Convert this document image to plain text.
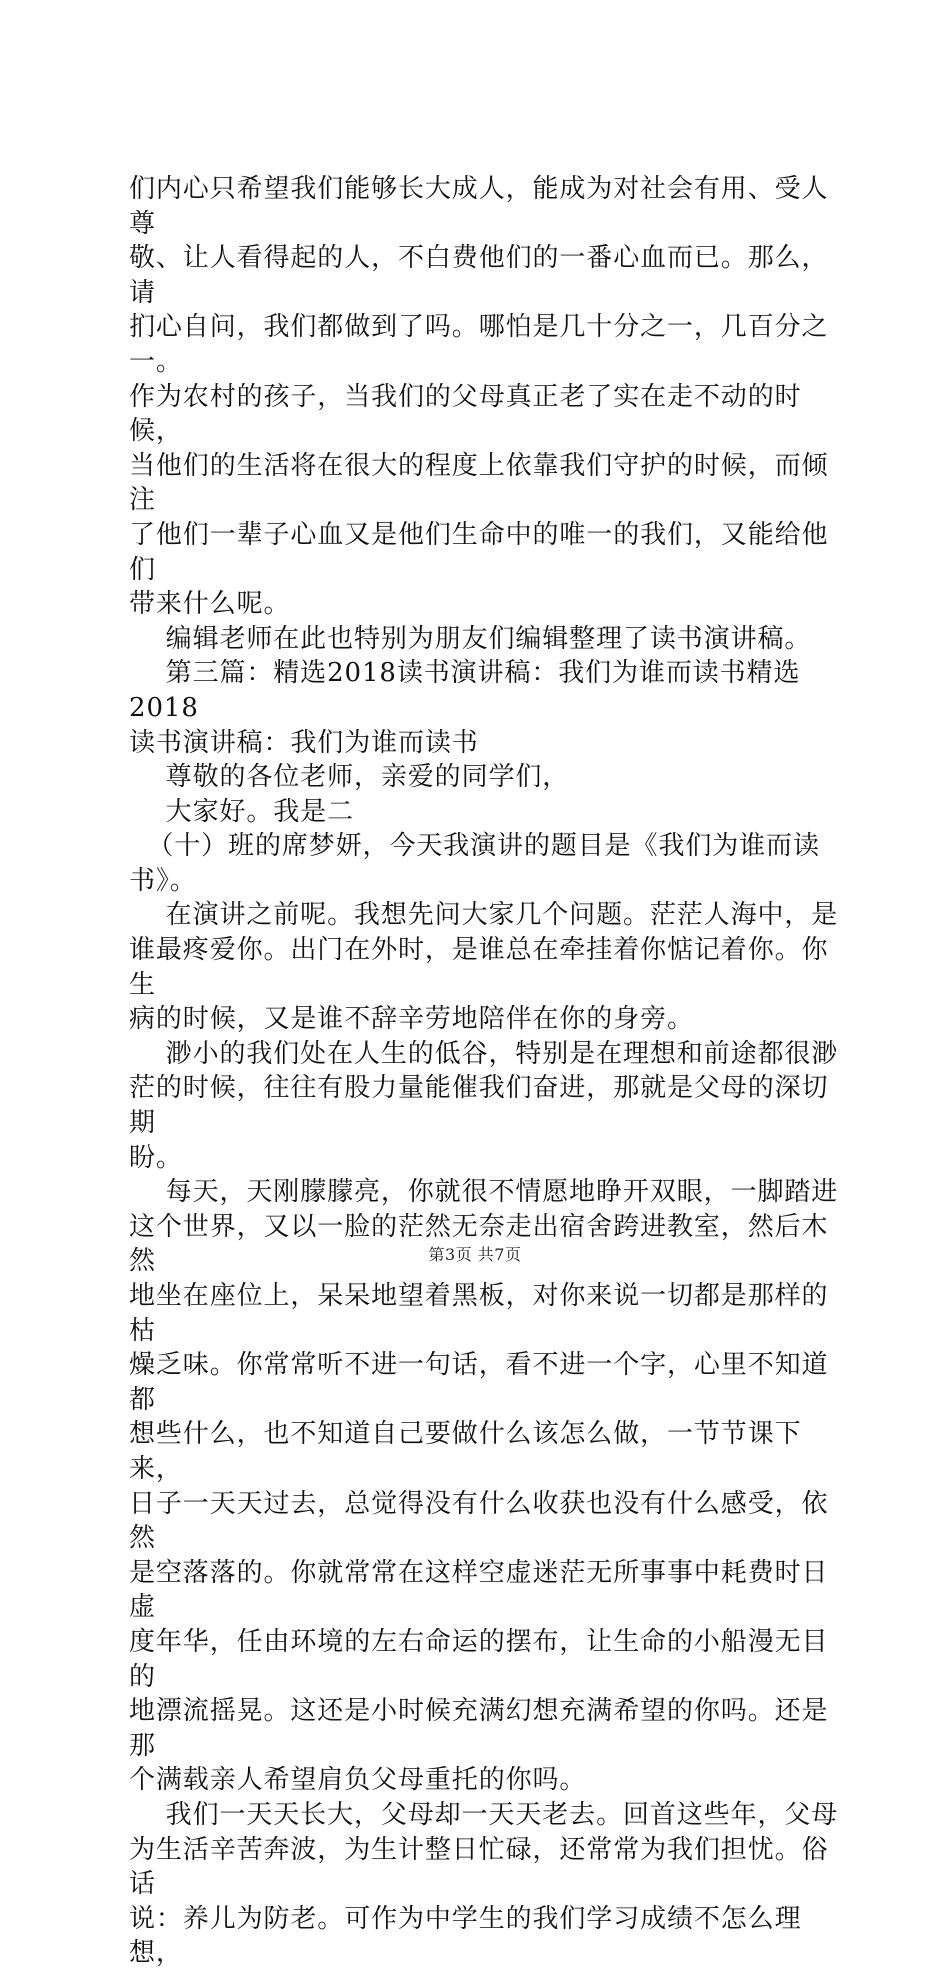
们内心只希望我们能够长大成人，能成为对社会有用、受人尊

敬、让人看得起的人，不白费他们的一番心血而已。那么，请

扪心自问，我们都做到了吗。哪怕是几十分之一，几百分之一。

作为农村的孩子，当我们的父母真正老了实在走不动的时候，

当他们的生活将在很大的程度上依靠我们守护的时候，而倾注

了他们一辈子心血又是他们生命中的唯一的我们，又能给他们

带来什么呢。

编辑老师在此也特别为朋友们编辑整理了读书演讲稿。

第三篇：精选2018读书演讲稿：我们为谁而读书精选2018

读书演讲稿：我们为谁而读书

尊敬的各位老师，亲爱的同学们，

大家好。我是二

（十）班的席梦妍，今天我演讲的题目是《我们为谁而读

书》。

在演讲之前呢。我想先问大家几个问题。茫茫人海中，是

谁最疼爱你。出门在外时，是谁总在牵挂着你惦记着你。你生

病的时候，又是谁不辞辛劳地陪伴在你的身旁。

渺小的我们处在人生的低谷，特别是在理想和前途都很渺

茫的时候，往往有股力量能催我们奋进，那就是父母的深切期

盼。

每天，天刚朦朦亮，你就很不情愿地睁开双眼，一脚踏进

这个世界，又以一脸的茫然无奈走出宿舍跨进教室，然后木然

地坐在座位上，呆呆地望着黑板，对你来说一切都是那样的枯

燥乏味。你常常听不进一句话，看不进一个字，心里不知道都

想些什么，也不知道自己要做什么该怎么做，一节节课下来，

日子一天天过去，总觉得没有什么收获也没有什么感受，依然

是空落落的。你就常常在这样空虚迷茫无所事事中耗费时日虚

度年华，任由环境的左右命运的摆布，让生命的小船漫无目的

地漂流摇晃。这还是小时候充满幻想充满希望的你吗。还是那

个满载亲人希望肩负父母重托的你吗。

我们一天天长大，父母却一天天老去。回首这些年，父母

为生活辛苦奔波，为生计整日忙碌，还常常为我们担忧。俗话

说：养儿为防老。可作为中学生的我们学习成绩不怎么理想，

第3页 共7页
